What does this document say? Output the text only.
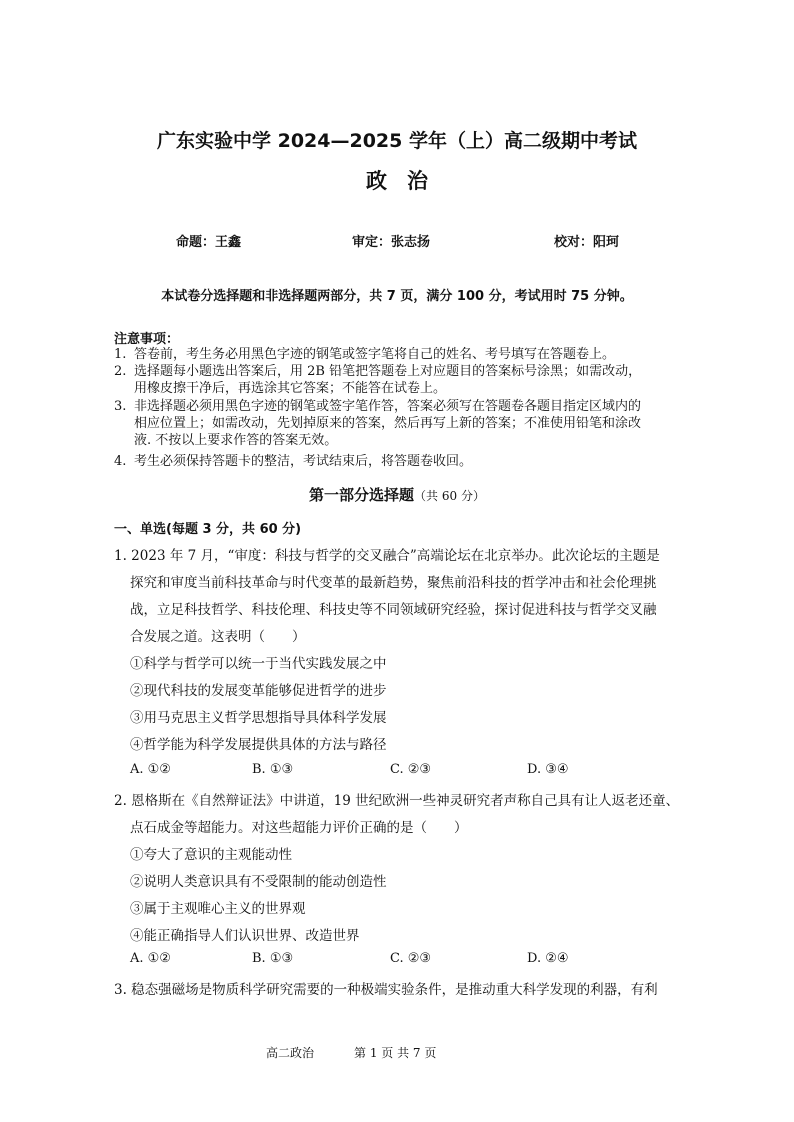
广东实验中学 2024—2025 学年（上）高二级期中考试
政治
命题：王鑫	审定：张志扬	校对：阳珂
本试卷分选择题和非选择题两部分，共 7 页，满分 100 分，考试用时 75 分钟。
注意事项：
1. 答卷前，考生务必用黑色字迹的钢笔或签字笔将自己的姓名、考号填写在答题卷上。
2. 选择题每小题选出答案后，用 2B 铅笔把答题卷上对应题目的答案标号涂黑；如需改动，
用橡皮擦干净后，再选涂其它答案；不能答在试卷上。
3. 非选择题必须用黑色字迹的钢笔或签字笔作答，答案必须写在答题卷各题目指定区域内的
相应位置上；如需改动，先划掉原来的答案，然后再写上新的答案；不准使用铅笔和涂改
液. 不按以上要求作答的答案无效。
4. 考生必须保持答题卡的整洁，考试结束后，将答题卷收回。
第一部分选择题（共 60 分）
一、单选(每题 3 分，共 60 分)
1. 2023 年 7 月，“审度：科技与哲学的交叉融合”高端论坛在北京举办。此次论坛的主题是
探究和审度当前科技革命与时代变革的最新趋势，聚焦前沿科技的哲学冲击和社会伦理挑
战，立足科技哲学、科技伦理、科技史等不同领域研究经验，探讨促进科技与哲学交叉融
合发展之道。这表明（　　）
①科学与哲学可以统一于当代实践发展之中
②现代科技的发展变革能够促进哲学的进步
③用马克思主义哲学思想指导具体科学发展
④哲学能为科学发展提供具体的方法与路径
A. ①②	B. ①③	C. ②③	D. ③④
2. 恩格斯在《自然辩证法》中讲道，19 世纪欧洲一些神灵研究者声称自己具有让人返老还童、
点石成金等超能力。对这些超能力评价正确的是（　　）
①夸大了意识的主观能动性
②说明人类意识具有不受限制的能动创造性
③属于主观唯心主义的世界观
④能正确指导人们认识世界、改造世界
A. ①②	B. ①③	C. ②③	D. ②④
3. 稳态强磁场是物质科学研究需要的一种极端实验条件，是推动重大科学发现的利器，有利
高二政治	第 1 页 共 7 页
